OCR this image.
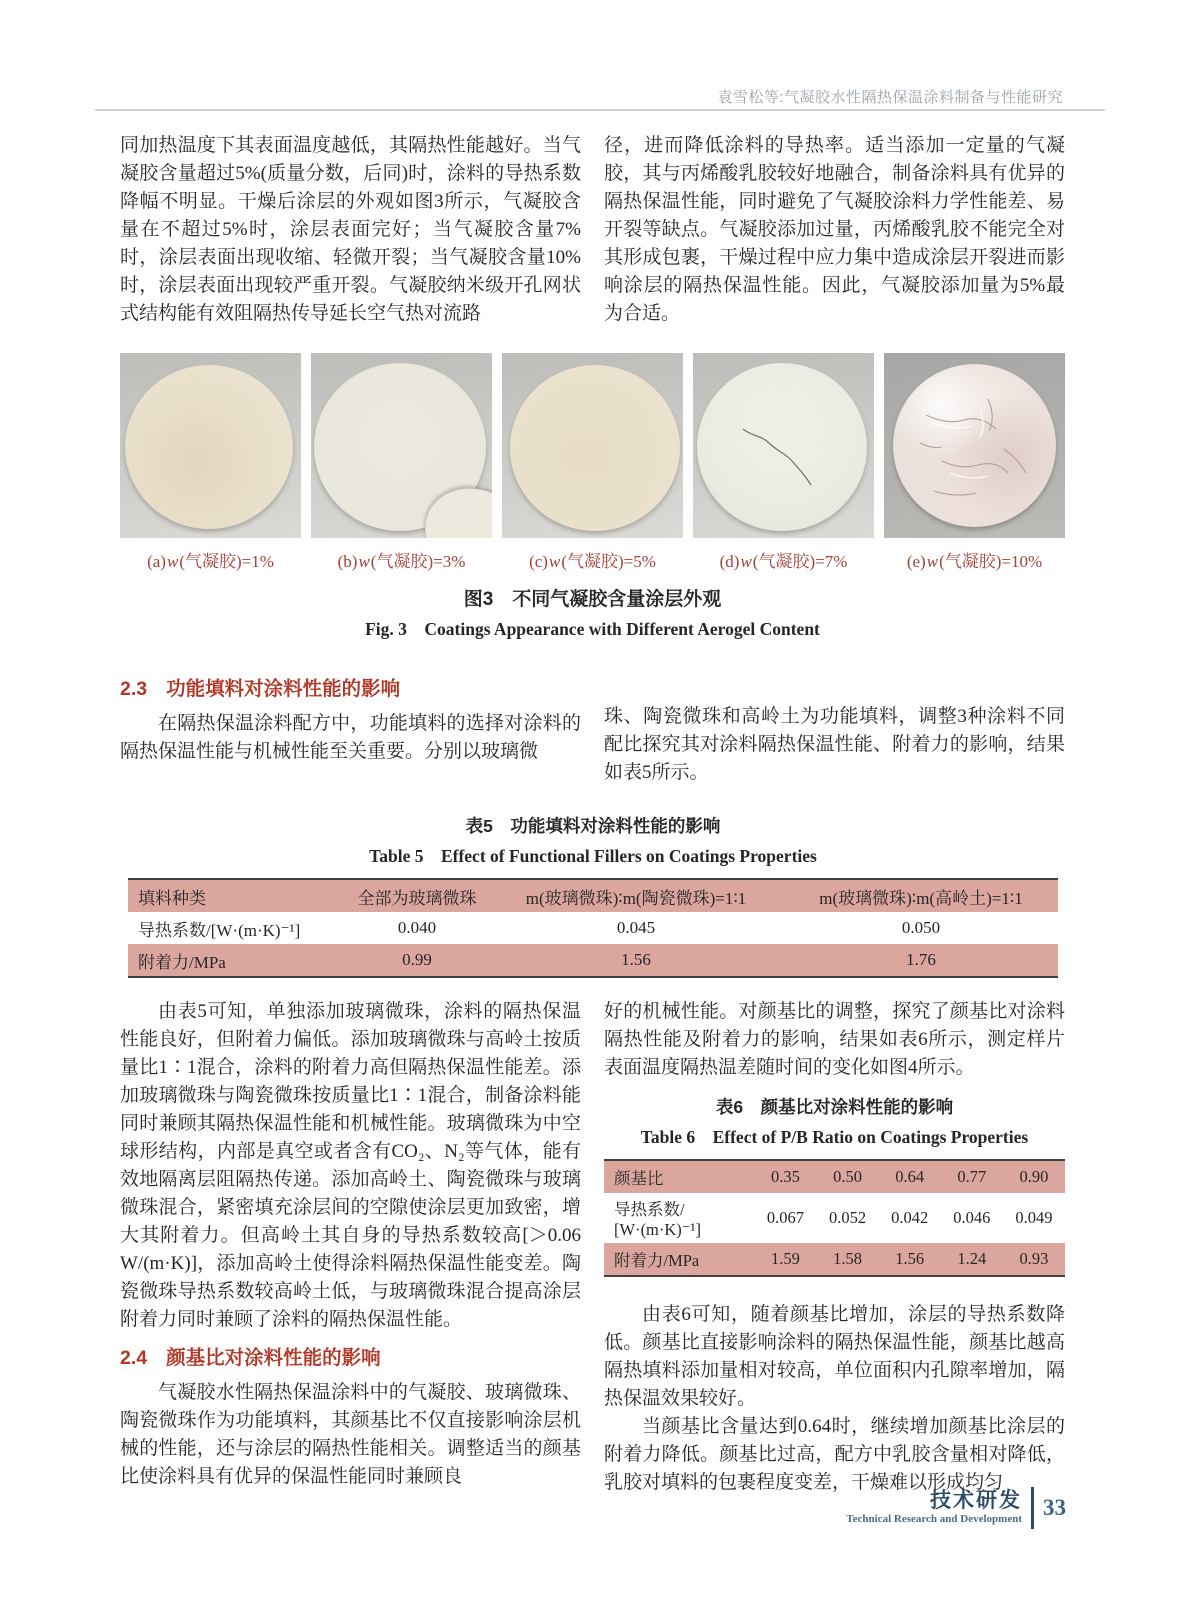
袁雪松等:气凝胶水性隔热保温涂料制备与性能研究

同加热温度下其表面温度越低，其隔热性能越好。当气凝胶含量超过5%(质量分数，后同)时，涂料的导热系数降幅不明显。干燥后涂层的外观如图3所示，气凝胶含量在不超过5%时，涂层表面完好；当气凝胶含量7%时，涂层表面出现收缩、轻微开裂；当气凝胶含量10%时，涂层表面出现较严重开裂。气凝胶纳米级开孔网状式结构能有效阻隔热传导延长空气热对流路

径，进而降低涂料的导热率。适当添加一定量的气凝胶，其与丙烯酸乳胶较好地融合，制备涂料具有优异的隔热保温性能，同时避免了气凝胶涂料力学性能差、易开裂等缺点。气凝胶添加过量，丙烯酸乳胶不能完全对其形成包裹，干燥过程中应力集中造成涂层开裂进而影响涂层的隔热保温性能。因此，气凝胶添加量为5%最为合适。

(a)w(气凝胶)=1%	(b)w(气凝胶)=3%	(c)w(气凝胶)=5%	(d)w(气凝胶)=7%	(e)w(气凝胶)=10%
图3　不同气凝胶含量涂层外观
Fig. 3　Coatings Appearance with Different Aerogel Content
2.3 功能填料对涂料性能的影响

在隔热保温涂料配方中，功能填料的选择对涂料的隔热保温性能与机械性能至关重要。分别以玻璃微

珠、陶瓷微珠和高岭土为功能填料，调整3种涂料不同配比探究其对涂料隔热保温性能、附着力的影响，结果如表5所示。

表5　功能填料对涂料性能的影响
Table 5　Effect of Functional Fillers on Coatings Properties
填料种类	全部为玻璃微珠	m(玻璃微珠)∶m(陶瓷微珠)=1∶1	m(玻璃微珠)∶m(高岭土)=1∶1
导热系数/[W·(m·K)⁻¹]	0.040	0.045	0.050
附着力/MPa	0.99	1.56	1.76

由表5可知，单独添加玻璃微珠，涂料的隔热保温性能良好，但附着力偏低。添加玻璃微珠与高岭土按质量比1∶1混合，涂料的附着力高但隔热保温性能差。添加玻璃微珠与陶瓷微珠按质量比1∶1混合，制备涂料能同时兼顾其隔热保温性能和机械性能。玻璃微珠为中空球形结构，内部是真空或者含有CO₂、N₂等气体，能有效地隔离层阻隔热传递。添加高岭土、陶瓷微珠与玻璃微珠混合，紧密填充涂层间的空隙使涂层更加致密，增大其附着力。但高岭土其自身的导热系数较高[＞0.06 W/(m·K)]，添加高岭土使得涂料隔热保温性能变差。陶瓷微珠导热系数较高岭土低，与玻璃微珠混合提高涂层附着力同时兼顾了涂料的隔热保温性能。

2.4 颜基比对涂料性能的影响

气凝胶水性隔热保温涂料中的气凝胶、玻璃微珠、陶瓷微珠作为功能填料，其颜基比不仅直接影响涂层机械的性能，还与涂层的隔热性能相关。调整适当的颜基比使涂料具有优异的保温性能同时兼顾良

好的机械性能。对颜基比的调整，探究了颜基比对涂料隔热性能及附着力的影响，结果如表6所示，测定样片表面温度隔热温差随时间的变化如图4所示。

表6　颜基比对涂料性能的影响
Table 6　Effect of P/B Ratio on Coatings Properties
颜基比	0.35	0.50	0.64	0.77	0.90
导热系数/
[W·(m·K)⁻¹]	0.067	0.052	0.042	0.046	0.049
附着力/MPa	1.59	1.58	1.56	1.24	0.93

由表6可知，随着颜基比增加，涂层的导热系数降低。颜基比直接影响涂料的隔热保温性能，颜基比越高隔热填料添加量相对较高，单位面积内孔隙率增加，隔热保温效果较好。

当颜基比含量达到0.64时，继续增加颜基比涂层的附着力降低。颜基比过高，配方中乳胶含量相对降低，乳胶对填料的包裹程度变差，干燥难以形成均匀

技术研发
Technical Research and Development 33
